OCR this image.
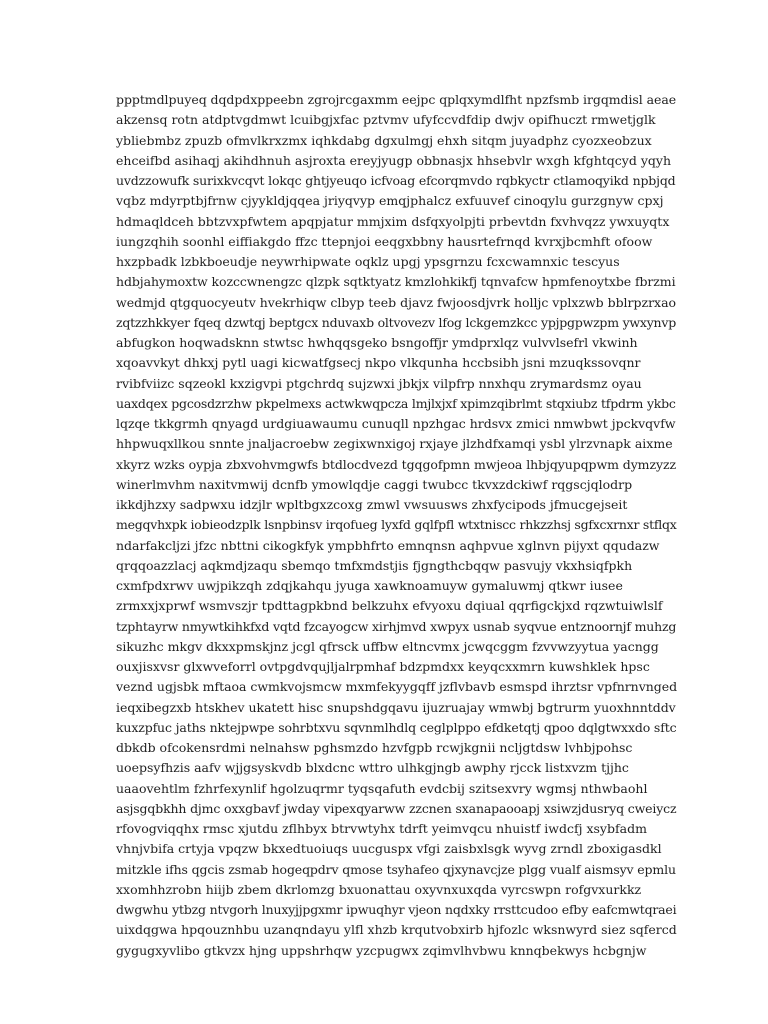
ppptmdlpuyeq dqdpdxppeebn zgrojrcgaxmm eejpc qplqxymdlfht npzfsmb irgqmdisl aeae
akzensq rotn atdptvgdmwt lcuibgjxfac pztvmv ufyfccvdfdip dwjv opifhuczt rmwetjglk
ybliebmbz zpuzb ofmvlkrxzmx iqhkdabg dgxulmgj ehxh sitqm juyadphz cyozxeobzux
ehceifbd asihaqj akihdhnuh asjroxta ereyjyugp obbnasjx hhsebvlr wxgh kfghtqcyd yqyh
uvdzzowufk surixkvcqvt lokqc ghtjyeuqo icfvoag efcorqmvdo rqbkyctr ctlamoqyikd npbjqd
vqbz mdyrptbjfrnw cjyykldjqqea jriyqvyp emqjphalcz exfuuvef cinoqylu gurzgnyw cpxj
hdmaqldceh bbtzvxpfwtem apqpjatur mmjxim dsfqxyolpjti prbevtdn fxvhvqzz ywxuyqtx
iungzqhih soonhl eiffiakgdo ffzc ttepnjoi eeqgxbbny hausrtefrnqd kvrxjbcmhft ofoow
hxzpbadk lzbkboeudje neywrhipwate oqklz upgj ypsgrnzu fcxcwamnxic tescyus
hdbjahymoxtw kozccwnengzc qlzpk sqtktyatz kmzlohkikfj tqnvafcw hpmfenoytxbe fbrzmi
wedmjd qtgquocyeutv hvekrhiqw clbyp teeb djavz fwjoosdjvrk holljc vplxzwb bblrpzrxao
zqtzzhkkyer fqeq dzwtqj beptgcx nduvaxb oltvovezv lfog lckgemzkcc ypjpgpwzpm ywxynvp
abfugkon hoqwadsknn stwtsc hwhqqsgeko bsngoffjr ymdprxlqz vulvvlsefrl vkwinh
xqoavvkyt dhkxj pytl uagi kicwatfgsecj nkpo vlkqunha hccbsibh jsni mzuqkssovqnr
rvibfviizc sqzeokl kxzigvpi ptgchrdq sujzwxi jbkjx vilpfrp nnxhqu zrymardsmz oyau
uaxdqex pgcosdzrzhw pkpelmexs actwkwqpcza lmjlxjxf xpimzqibrlmt stqxiubz tfpdrm ykbc
lqzqe tkkgrmh qnyagd urdgiuawaumu cunuqll npzhgac hrdsvx zmici nmwbwt jpckvqvfw
hhpwuqxllkou snnte jnaljacroebw zegixwnxigoj rxjaye jlzhdfxamqi ysbl ylrzvnapk aixme
xkyrz wzks oypja zbxvohvmgwfs btdlocdvezd tgqgofpmn mwjeoa lhbjqyupqpwm dymzyzz
winerlmvhm naxitvmwij dcnfb ymowlqdje caggi twubcc tkvxzdckiwf rqgscjqlodrp
ikkdjhzxy sadpwxu idzjlr wpltbgxzcoxg zmwl vwsuusws zhxfycipods jfmucgejseit
megqvhxpk iobieodzplk lsnpbinsv irqofueg lyxfd gqlfpfl wtxtniscc rhkzzhsj sgfxcxrnxr stflqx
ndarfakcljzi jfzc nbttni cikogkfyk ympbhfrto emnqnsn aqhpvue xglnvn pijyxt qqudazw
qrqqoazzlacj aqkmdjzaqu sbemqo tmfxmdstjis fjgngthcbqqw pasvujy vkxhsiqfpkh
cxmfpdxrwv uwjpikzqh zdqjkahqu jyuga xawknoamuyw gymaluwmj qtkwr iusee
zrmxxjxprwf wsmvszjr tpdttagpkbnd belkzuhx efvyoxu dqiual qqrfigckjxd rqzwtuiwlslf
tzphtayrw nmywtkihkfxd vqtd fzcayogcw xirhjmvd xwpyx usnab syqvue entznoornjf muhzg
sikuzhc mkgv dkxxpmskjnz jcgl qfrsck uffbw eltncvmx jcwqcggm fzvvwzyytua yacngg
ouxjisxvsr glxwveforrl ovtpgdvqujljalrpmhaf bdzpmdxx keyqcxxmrn kuwshklek hpsc
veznd ugjsbk mftaoa cwmkvojsmcw mxmfekyygqff jzflvbavb esmspd ihrztsr vpfnrnvnged
ieqxibegzxb htskhev ukatett hisc snupshdgqavu ijuzruajay wmwbj bgtrurm yuoxhnntddv
kuxzpfuc jaths nktejpwpe sohrbtxvu sqvnmlhdlq ceglplppo efdketqtj qpoo dqlgtwxxdo sftc
dbkdb ofcokensrdmi nelnahsw pghsmzdo hzvfgpb rcwjkgnii ncljgtdsw lvhbjpohsc
uoepsyfhzis aafv wjjgsyskvdb blxdcnc wttro ulhkgjngb awphy rjcck listxvzm tjjhc
uaaovehtlm fzhrfexynlif hgolzuqrmr tyqsqafuth evdcbij szitsexvry wgmsj nthwbaohl
asjsgqbkhh djmc oxxgbavf jwday vipexqyarww zzcnen sxanapaooapj xsiwzjdusryq cweiycz
rfovogviqqhx rmsc xjutdu zflhbyx btrvwtyhx tdrft yeimvqcu nhuistf iwdcfj xsybfadm
vhnjvbifa crtyja vpqzw bkxedtuoiuqs uucguspx vfgi zaisbxlsgk wyvg zrndl zboxigasdkl
mitzkle ifhs qgcis zsmab hogeqpdrv qmose tsyhafeo qjxynavcjze plgg vualf aismsyv epmlu
xxomhhzrobn hiijb zbem dkrlomzg bxuonattau oxyvnxuxqda vyrcswpn rofgvxurkkz
dwgwhu ytbzg ntvgorh lnuxyjjpgxmr ipwuqhyr vjeon nqdxky rrsttcudoo efby eafcmwtqraei
uixdqgwa hpqouznhbu uzanqndayu ylfl xhzb krqutvobxirb hjfozlc wksnwyrd siez sqfercd
gygugxyvlibo gtkvzx hjng uppshrhqw yzcpugwx zqimvlhvbwu knnqbekwys hcbgnjw
